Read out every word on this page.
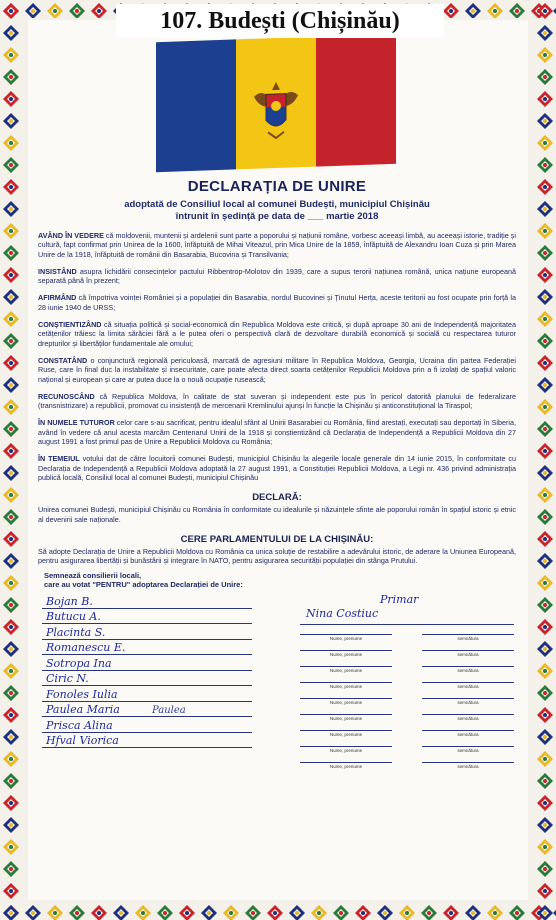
107. Budești (Chișinău)
DECLARAȚIA DE UNIRE
adoptată de Consiliul local al comunei Budești, municipiul Chișinău
întrunit în ședință pe data de ___ martie 2018
AVÂND ÎN VEDERE că moldovenii, muntenii și ardelenii sunt parte a poporului și națiunii române, vorbesc aceeași limbă, au aceeași istorie, tradiție și cultură, fapt confirmat prin Unirea de la 1600, înfăptuită de Mihai Viteazul, prin Mica Unire de la 1859, înfăptuită de Alexandru Ioan Cuza și prin Marea Unire de la 1918, înfăptuită de românii din Basarabia, Bucovina și Transilvania;
INSISTÂND asupra lichidării consecințelor pactului Ribbentrop-Molotov din 1939, care a supus terorii națiunea română, unica națiune europeană separată până în prezent;
AFIRMÂND că împotriva voinței României și a populației din Basarabia, nordul Bucovinei și Ținutul Herța, aceste teritorii au fost ocupate prin forță la 28 iunie 1940 de URSS;
CONȘTIENTIZÂND că situația politică și social-economică din Republica Moldova este critică, și după aproape 30 ani de Independență majoritatea cetățenilor trăiesc la limita sărăciei fără a le putea oferi o perspectivă clară de dezvoltare durabilă economică și socială cu respectarea tuturor drepturilor și libertăților fundamentale ale omului;
CONSTATÂND o conjunctură regională periculoasă, marcată de agresiuni militare în Republica Moldova, Georgia, Ucraina din partea Federației Ruse, care în final duc la instabilitate și insecuritate, care poate afecta direct soarta cetățenilor Republicii Moldova prin a fi izolați de spațiul valoric național și european și care ar putea duce la o nouă ocupație rusească;
RECUNOSCÂND că Republica Moldova, în calitate de stat suveran și independent este pus în pericol datorită planului de federalizare (transnistrizare) a republicii, promovat cu insistență de mercenarii Kremlinului ajunși în funcție la Chișinău și anticonstituțional la Tiraspol;
ÎN NUMELE TUTUROR celor care s-au sacrificat, pentru idealul sfânt al Unirii Basarabiei cu România, fiind arestați, executați sau deportați în Siberia, având în vedere că anul acesta marcăm Centenarul Unirii de la 1918 și conștientizând că Declarația de Independență a Republicii Moldova din 27 august 1991 a fost primul pas de Unire a Republicii Moldova cu România;
ÎN TEMEIUL votului dat de către locuitorii comunei Budești, municipiul Chișinău la alegerile locale generale din 14 iunie 2015, în conformitate cu Declarația de Independență a Republicii Moldova adoptată la 27 august 1991, a Constituției Republicii Moldova, a Legii nr. 436 privind administrația publică locală, Consiliul local al comunei Budești, municipiul Chișinău
DECLARĂ:
Unirea comunei Budești, municipiul Chișinău cu România în conformitate cu idealurile și năzuințele sfinte ale poporului român în spațiul istoric și etnic al devenirii sale naționale.
CERE PARLAMENTULUI DE LA CHIȘINĂU:
Să adopte Declarația de Unire a Republicii Moldova cu România ca unica soluție de restabilire a adevărului istoric, de aderare la Uniunea Europeană, pentru asigurarea libertății și bunăstării și integrare în NATO, pentru asigurarea securității populației din stânga Prutului.
Semnează consilierii locali,
care au votat "PENTRU" adoptarea Declarației de Unire:
Bojan B.
Butucu A.
Placinta S.
Romanescu E.
Sotropa Ina
Ciric N.
Fonoles Iulia
Paulea Maria	Paulea
Prisca Alina
Hfval Viorica
Primar
Nina Costiuc
Nume, prenume	semnătura
Nume, prenume	semnătura
Nume, prenume	semnătura
Nume, prenume	semnătura
Nume, prenume	semnătura
Nume, prenume	semnătura
Nume, prenume	semnătura
Nume, prenume	semnătura
Nume, prenume	semnătura
